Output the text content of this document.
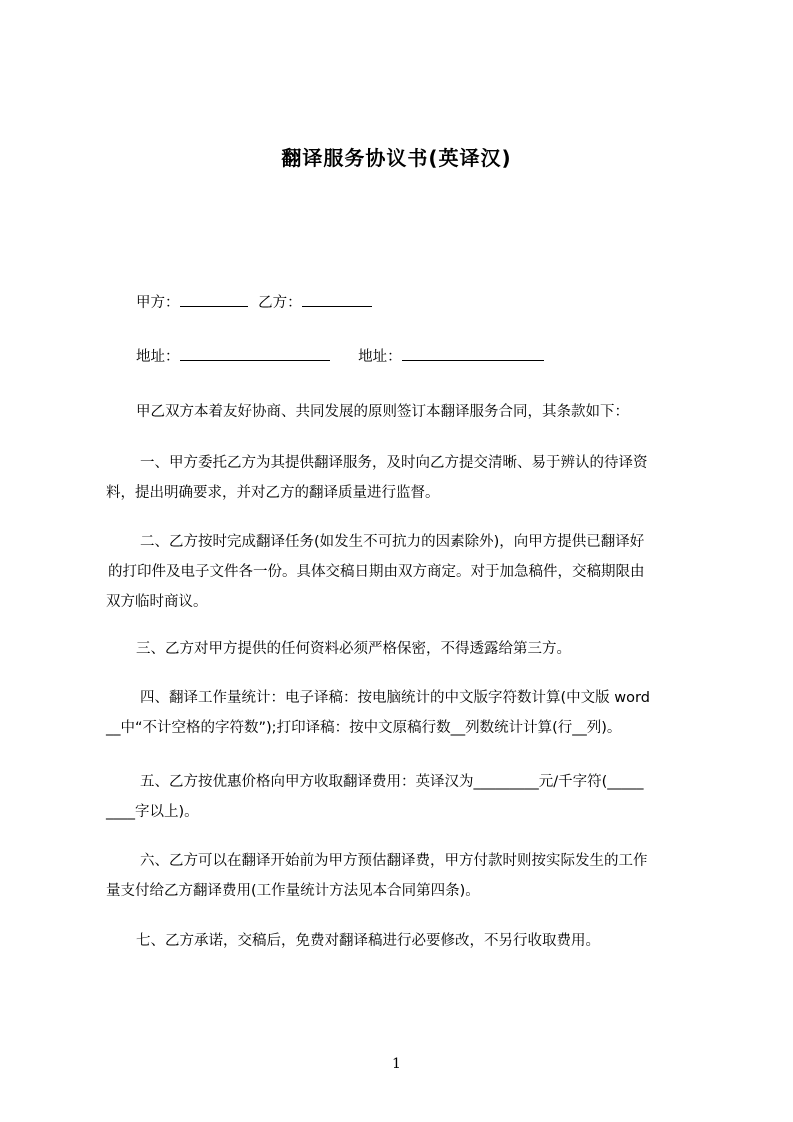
翻译服务协议书(英译汉)
甲方：	乙方：
地址：	地址：
甲乙双方本着友好协商、共同发展的原则签订本翻译服务合同，其条款如下：
一、甲方委托乙方为其提供翻译服务，及时向乙方提交清晰、易于辨认的待译资
料，提出明确要求，并对乙方的翻译质量进行监督。
二、乙方按时完成翻译任务(如发生不可抗力的因素除外)，向甲方提供已翻译好
的打印件及电子文件各一份。具体交稿日期由双方商定。对于加急稿件，交稿期限由
双方临时商议。
三、乙方对甲方提供的任何资料必须严格保密，不得透露给第三方。
四、翻译工作量统计：电子译稿：按电脑统计的中文版字符数计算(中文版 word
__中“不计空格的字符数”);打印译稿：按中文原稿行数__列数统计计算(行__列)。
五、乙方按优惠价格向甲方收取翻译费用：英译汉为_________元/千字符(_____
____字以上)。
六、乙方可以在翻译开始前为甲方预估翻译费，甲方付款时则按实际发生的工作
量支付给乙方翻译费用(工作量统计方法见本合同第四条)。
七、乙方承诺，交稿后，免费对翻译稿进行必要修改，不另行收取费用。
1
